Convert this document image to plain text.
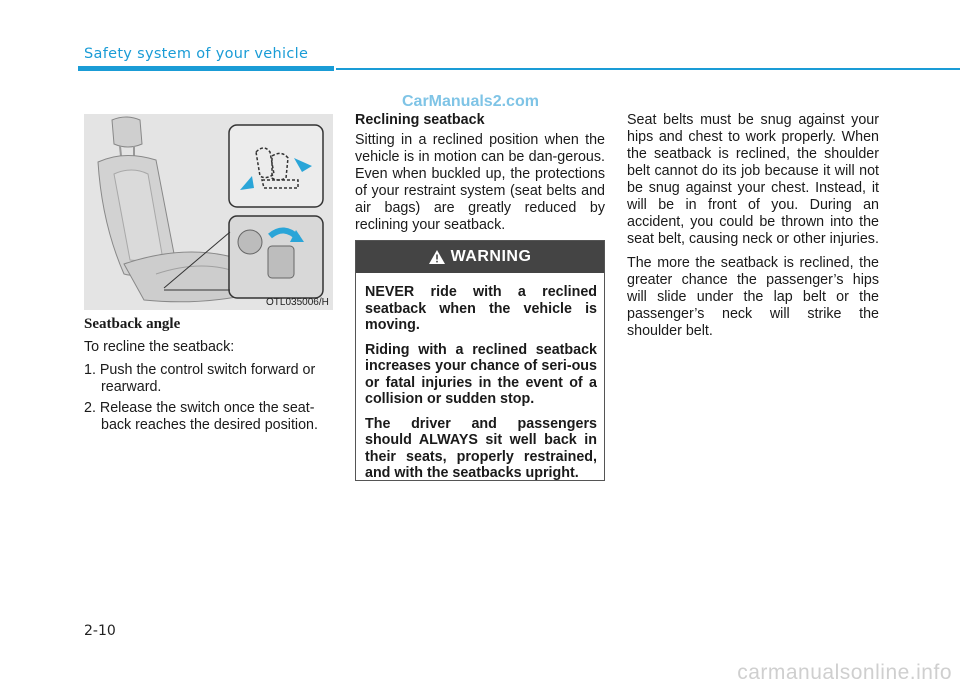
Safety system of your vehicle
CarManuals2.com
OTL035006/H
Seatback angle

To recline the seatback:

1. Push the control switch forward or rearward.
2. Release the switch once the seat-back reaches the desired position.
Reclining seatback

Sitting in a reclined position when the vehicle is in motion can be dan-gerous. Even when buckled up, the protections of your restraint system (seat belts and air bags) are greatly reduced by reclining your seatback.

WARNING

NEVER ride with a reclined seatback when the vehicle is moving.

Riding with a reclined seatback increases your chance of seri-ous or fatal injuries in the event of a collision or sudden stop.

The driver and passengers should ALWAYS sit well back in their seats, properly restrained, and with the seatbacks upright.

Seat belts must be snug against your hips and chest to work properly. When the seatback is reclined, the shoulder belt cannot do its job because it will not be snug against your chest. Instead, it will be in front of you. During an accident, you could be thrown into the seat belt, causing neck or other injuries.

The more the seatback is reclined, the greater chance the passenger’s hips will slide under the lap belt or the passenger’s neck will strike the shoulder belt.

2-10
carmanualsonline.info
